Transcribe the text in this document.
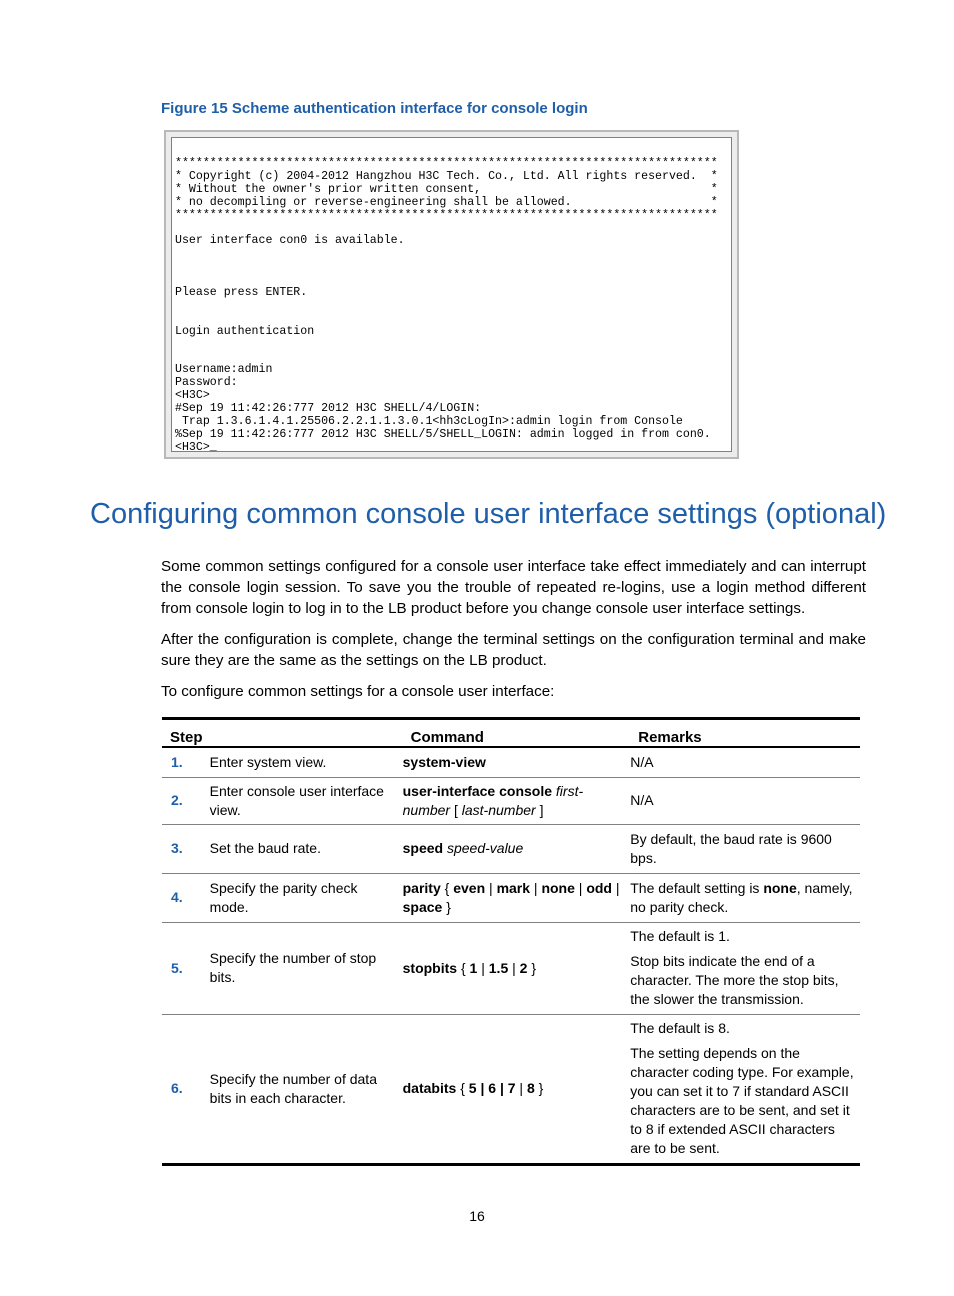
Figure 15 Scheme authentication interface for console login
******************************************************************************
* Copyright (c) 2004-2012 Hangzhou H3C Tech. Co., Ltd. All rights reserved.  *
* Without the owner's prior written consent,                                 *
* no decompiling or reverse-engineering shall be allowed.                    *
******************************************************************************
User interface con0 is available.
Please press ENTER.
Login authentication
Username:admin
Password:
<H3C>
#Sep 19 11:42:26:777 2012 H3C SHELL/4/LOGIN:
Trap 1.3.6.1.4.1.25506.2.2.1.1.3.0.1<hh3cLogIn>:admin login from Console
%Sep 19 11:42:26:777 2012 H3C SHELL/5/SHELL_LOGIN: admin logged in from con0.
<H3C>_
Configuring common console user interface settings (optional)

Some common settings configured for a console user interface take effect immediately and can interrupt the console login session. To save you the trouble of repeated re-logins, use a login method different from console login to log in to the LB product before you change console user interface settings.

After the configuration is complete, change the terminal settings on the configuration terminal and make sure they are the same as the settings on the LB product.

To configure common settings for a console user interface:

Step		Command	Remarks
1.	Enter system view.	system-view	N/A

2.	Enter console user interface view.	user-interface console first-number [ last-number ]	N/A

3.	Set the baud rate.	speed speed-value	By default, the baud rate is 9600 bps.

4.	Specify the parity check mode.	parity { even | mark | none | odd | space }	The default setting is none, namely, no parity check.

5.	Specify the number of stop bits.	stopbits { 1 | 1.5 | 2 }	The default is 1.

Stop bits indicate the end of a character. The more the stop bits, the slower the transmission.

6.	Specify the number of data bits in each character.	databits { 5 | 6 | 7 | 8 }	The default is 8.

The setting depends on the character coding type. For example, you can set it to 7 if standard ASCII characters are to be sent, and set it to 8 if extended ASCII characters are to be sent.

16
